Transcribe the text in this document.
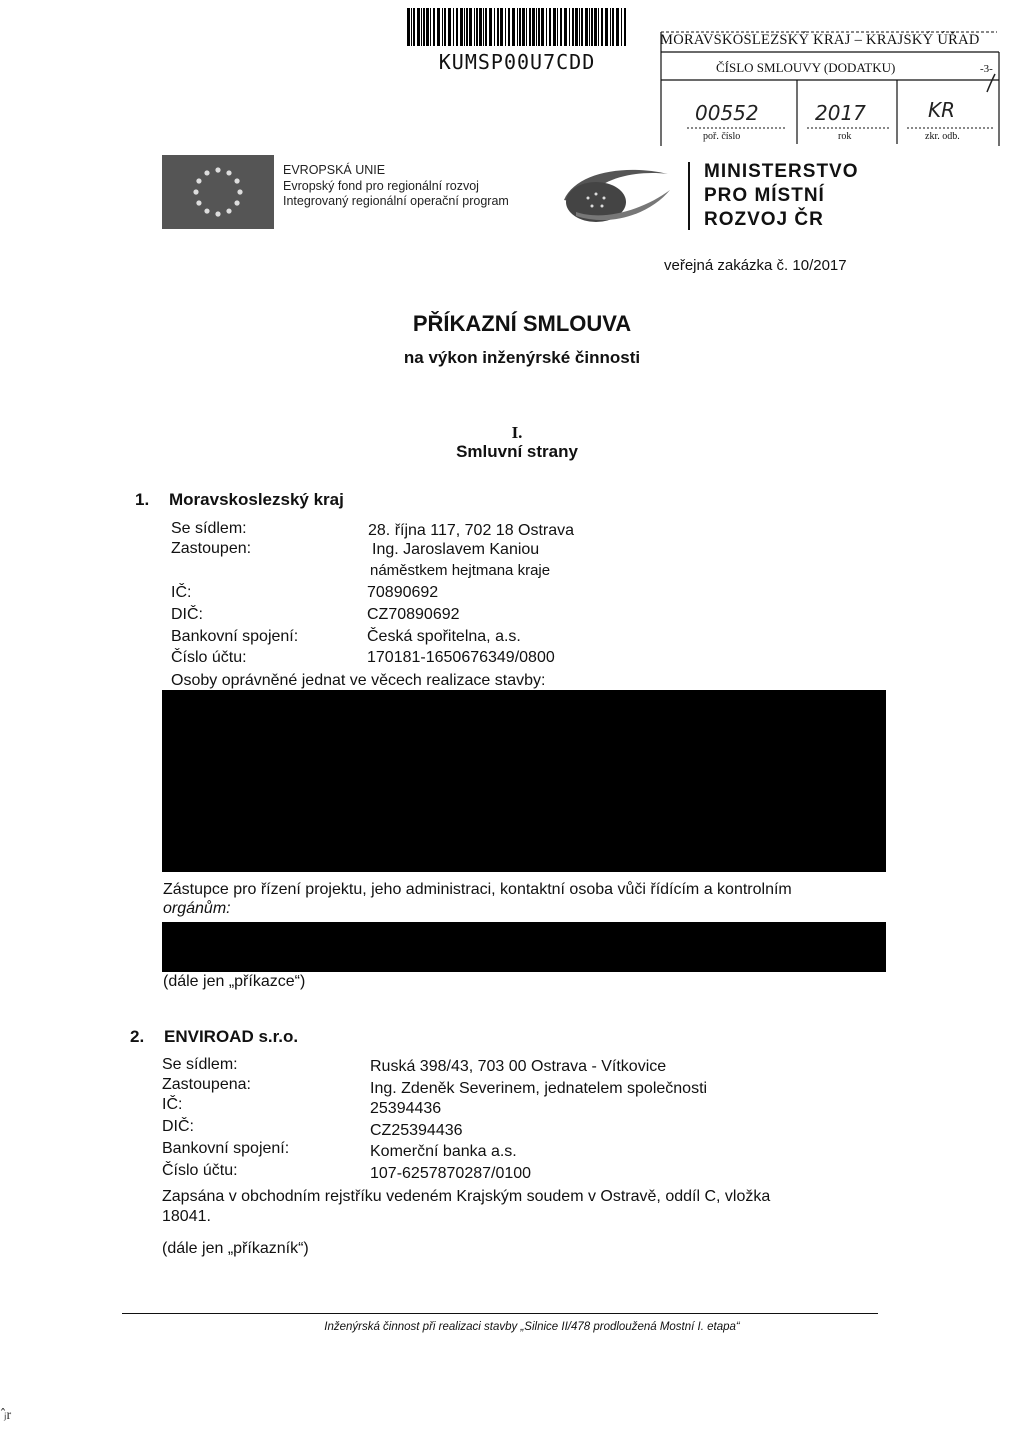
KUMSP00U7CDD
MORAVSKOSLEZSKÝ KRAJ – KRAJSKÝ ÚŘAD
ČÍSLO SMLOUVY (DODATKU)	-3-
00552	2017	KR
poř. číslo	rok	zkr. odb.
EVROPSKÁ UNIE
Evropský fond pro regionální rozvoj
Integrovaný regionální operační program
MINISTERSTVO
PRO MÍSTNÍ
ROZVOJ ČR
veřejná zakázka č. 10/2017
PŘÍKAZNÍ SMLOUVA
na výkon inženýrské činnosti
I.
Smluvní strany
1. Moravskoslezský kraj
Se sídlem:	28. října 117, 702 18 Ostrava
Zastoupen:	Ing. Jaroslavem Kaniou
náměstkem hejtmana kraje
IČ:	70890692
DIČ:	CZ70890692
Bankovní spojení:	Česká spořitelna, a.s.
Číslo účtu:	170181-1650676349/0800
Osoby oprávněné jednat ve věcech realizace stavby:
Zástupce pro řízení projektu, jeho administraci, kontaktní osoba vůči řídícím a kontrolním
orgánům:
(dále jen „příkazce“)
2. ENVIROAD s.r.o.
Se sídlem:	Ruská 398/43, 703 00 Ostrava - Vítkovice
Zastoupena:	Ing. Zdeněk Severinem, jednatelem společnosti
IČ:	25394436
DIČ:	CZ25394436
Bankovní spojení:	Komerční banka a.s.
Číslo účtu:	107-6257870287/0100
Zapsána v obchodním rejstříku vedeném Krajským soudem v Ostravě, oddíl C, vložka
18041.
(dále jen „příkazník“)
Inženýrská činnost při realizaci stavby „Silnice II/478 prodloužená Mostní I. etapa“
ⱼ̂r
